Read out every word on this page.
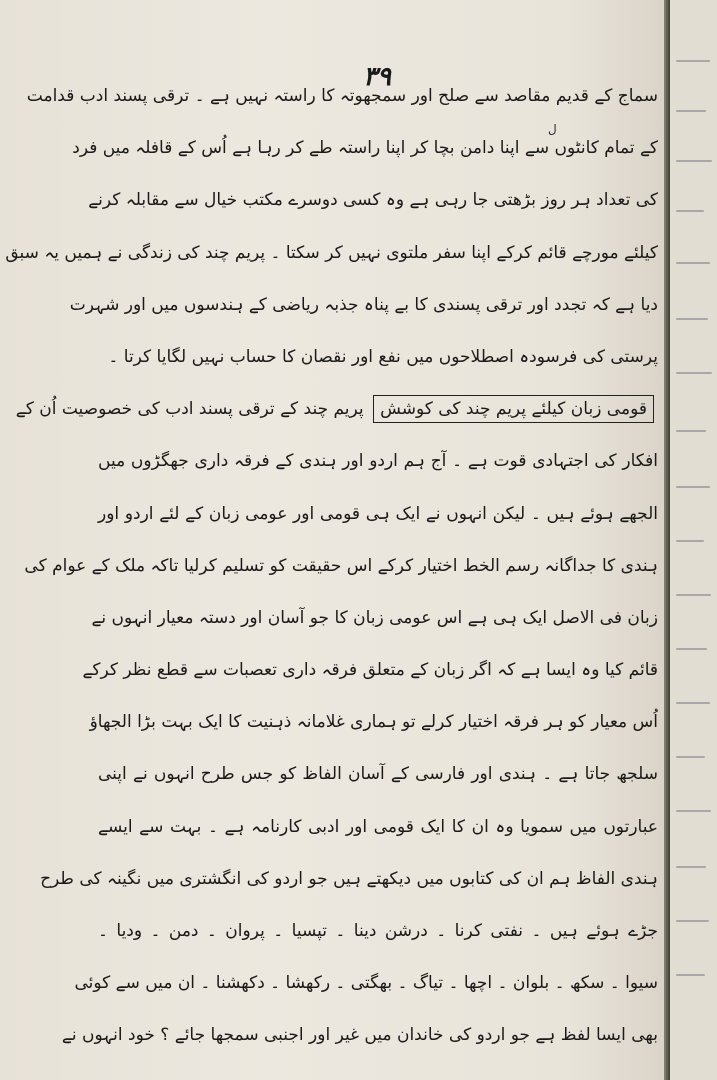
۳۹
ل
سماج کے قدیم مقاصد سے صلح اور سمجھوتہ کا راستہ نہیں ہے ۔ ترقی پسند ادب قدامت
کے تمام کانٹوں سے اپنا دامن بچا کر اپنا راستہ طے کر رہا ہے اُس کے قافلہ میں فرد
کی تعداد ہر روز بڑھتی جا رہی ہے وہ کسی دوسرے مکتب خیال سے مقابلہ کرنے
کیلئے مورچے قائم کرکے اپنا سفر ملتوی نہیں کر سکتا ۔ پریم چند کی زندگی نے ہمیں یہ سبق
دیا ہے کہ تجدد اور ترقی پسندی کا بے پناہ جذبہ ریاضی کے ہندسوں میں اور شہرت
پرستی کی فرسودہ اصطلاحوں میں نفع اور نقصان کا حساب نہیں لگایا کرتا ۔
قومی زبان کیلئے پریم چند کی کوشش پریم چند کے ترقی پسند ادب کی خصوصیت اُن کے
افکار کی اجتہادی قوت ہے ۔ آج ہم اردو اور ہندی کے فرقہ داری جھگڑوں میں
الجھے ہوئے ہیں ۔ لیکن انہوں نے ایک ہی قومی اور عومی زبان کے لئے اردو اور
ہندی کا جداگانہ رسم الخط اختیار کرکے اس حقیقت کو تسلیم کرلیا تاکہ ملک کے عوام کی
زبان فی الاصل ایک ہی ہے اس عومی زبان کا جو آسان اور دستہ معیار انہوں نے
قائم کیا وہ ایسا ہے کہ اگر زبان کے متعلق فرقہ داری تعصبات سے قطع نظر کرکے
اُس معیار کو ہر فرقہ اختیار کرلے تو ہماری غلامانہ ذہنیت کا ایک بہت بڑا الجھاؤ
سلجھ جاتا ہے ۔ ہندی اور فارسی کے آسان الفاظ کو جس طرح انہوں نے اپنی
عبارتوں میں سمویا وہ ان کا ایک قومی اور ادبی کارنامہ ہے ۔ بہت سے ایسے
ہندی الفاظ ہم ان کی کتابوں میں دیکھتے ہیں جو اردو کی انگشتری میں نگینہ کی طرح
جڑے ہوئے ہیں ۔ نفتی کرنا ۔ درشن دینا ۔ تپسیا ۔ پروان ۔ دمن ۔ ودیا ۔
سیوا ۔ سکھ ۔ بلوان ۔ اچھا ۔ تیاگ ۔ بھگتی ۔ رکھشا ۔ دکھشنا ۔ ان میں سے کوئی
بھی ایسا لفظ ہے جو اردو کی خاندان میں غیر اور اجنبی سمجھا جائے ؟ خود انہوں نے
